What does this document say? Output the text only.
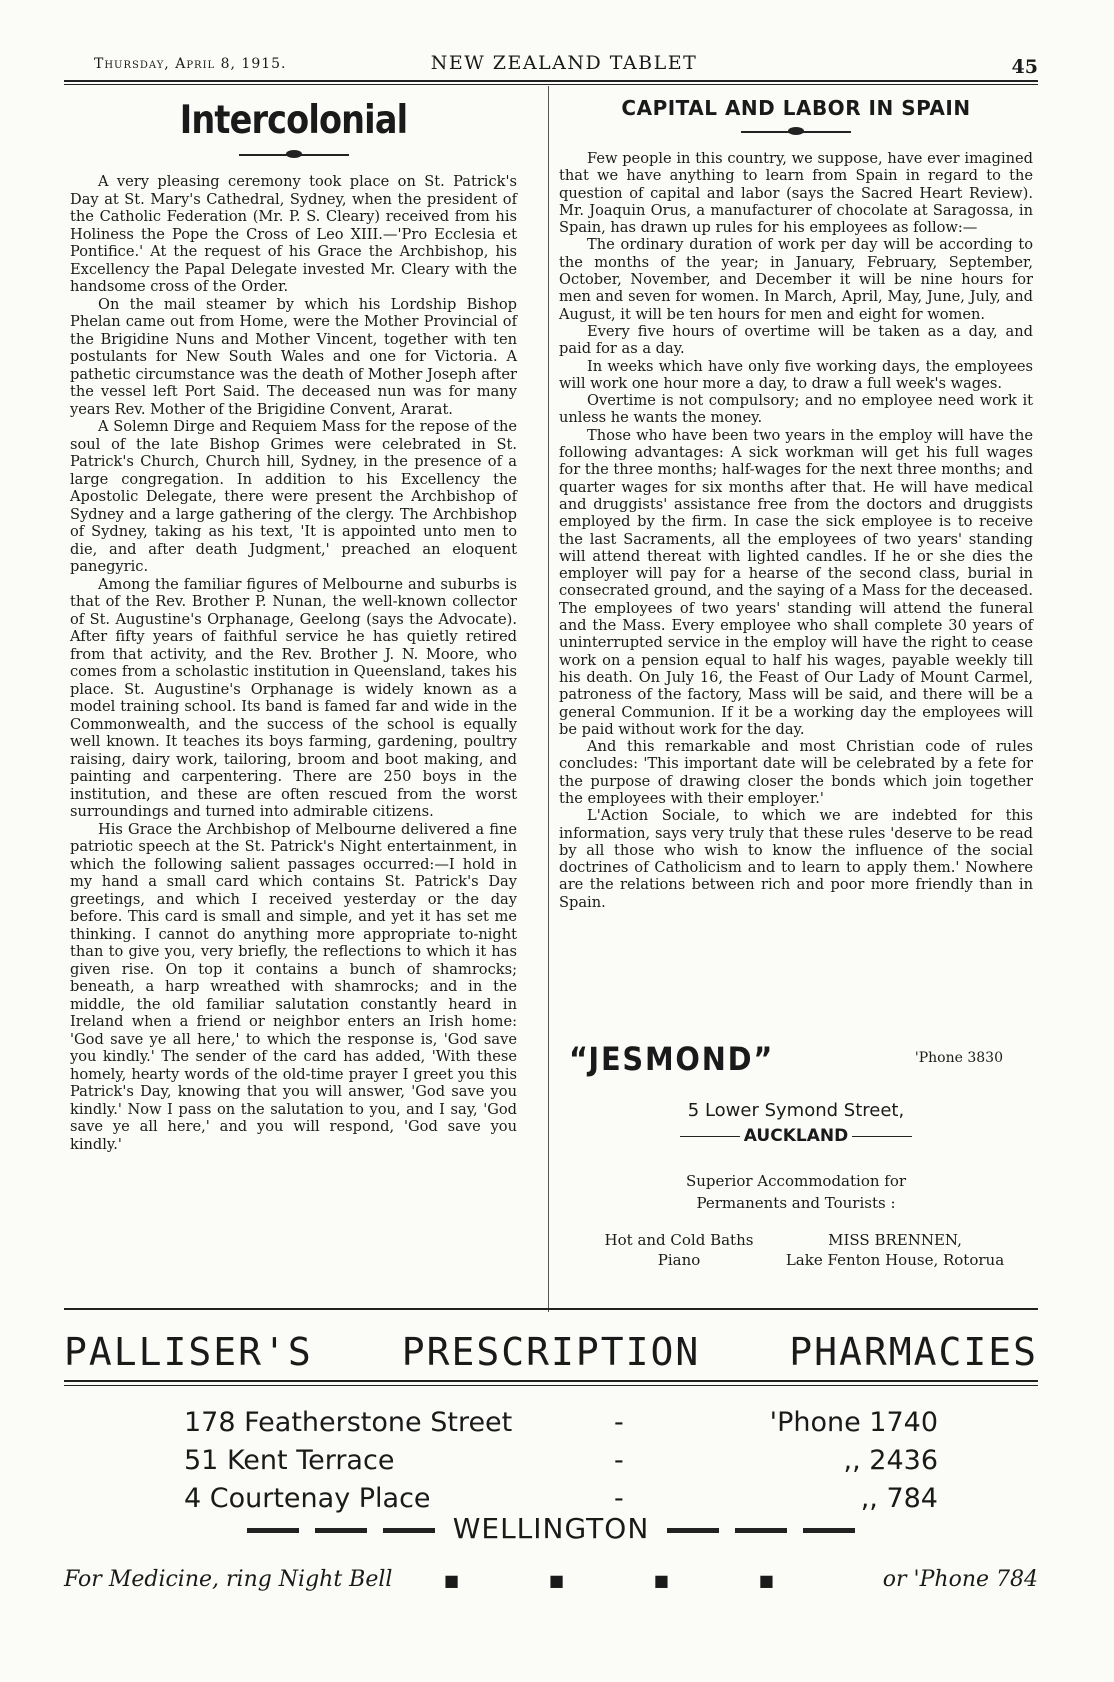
Thursday, April 8, 1915.	NEW ZEALAND TABLET	45
Intercolonial

A very pleasing ceremony took place on St. Patrick's Day at St. Mary's Cathedral, Sydney, when the president of the Catholic Federation (Mr. P. S. Cleary) received from his Holiness the Pope the Cross of Leo XIII.—'Pro Ecclesia et Pontifice.' At the request of his Grace the Archbishop, his Excellency the Papal Delegate invested Mr. Cleary with the handsome cross of the Order.

On the mail steamer by which his Lordship Bishop Phelan came out from Home, were the Mother Provincial of the Brigidine Nuns and Mother Vincent, together with ten postulants for New South Wales and one for Victoria. A pathetic circumstance was the death of Mother Joseph after the vessel left Port Said. The deceased nun was for many years Rev. Mother of the Brigidine Convent, Ararat.

A Solemn Dirge and Requiem Mass for the repose of the soul of the late Bishop Grimes were celebrated in St. Patrick's Church, Church hill, Sydney, in the presence of a large congregation. In addition to his Excellency the Apostolic Delegate, there were present the Archbishop of Sydney and a large gathering of the clergy. The Archbishop of Sydney, taking as his text, 'It is appointed unto men to die, and after death Judgment,' preached an eloquent panegyric.

Among the familiar figures of Melbourne and suburbs is that of the Rev. Brother P. Nunan, the well-known collector of St. Augustine's Orphanage, Geelong (says the Advocate). After fifty years of faithful service he has quietly retired from that activity, and the Rev. Brother J. N. Moore, who comes from a scholastic institution in Queensland, takes his place. St. Augustine's Orphanage is widely known as a model training school. Its band is famed far and wide in the Commonwealth, and the success of the school is equally well known. It teaches its boys farming, gardening, poultry raising, dairy work, tailoring, broom and boot making, and painting and carpentering. There are 250 boys in the institution, and these are often rescued from the worst surroundings and turned into admirable citizens.

His Grace the Archbishop of Melbourne delivered a fine patriotic speech at the St. Patrick's Night entertainment, in which the following salient passages occurred:—I hold in my hand a small card which contains St. Patrick's Day greetings, and which I received yesterday or the day before. This card is small and simple, and yet it has set me thinking. I cannot do anything more appropriate to-night than to give you, very briefly, the reflections to which it has given rise. On top it contains a bunch of shamrocks; beneath, a harp wreathed with shamrocks; and in the middle, the old familiar salutation constantly heard in Ireland when a friend or neighbor enters an Irish home: 'God save ye all here,' to which the response is, 'God save you kindly.' The sender of the card has added, 'With these homely, hearty words of the old-time prayer I greet you this Patrick's Day, knowing that you will answer, 'God save you kindly.' Now I pass on the salutation to you, and I say, 'God save ye all here,' and you will respond, 'God save you kindly.'

CAPITAL AND LABOR IN SPAIN

Few people in this country, we suppose, have ever imagined that we have anything to learn from Spain in regard to the question of capital and labor (says the Sacred Heart Review). Mr. Joaquin Orus, a manufacturer of chocolate at Saragossa, in Spain, has drawn up rules for his employees as follow:—

The ordinary duration of work per day will be according to the months of the year; in January, February, September, October, November, and December it will be nine hours for men and seven for women. In March, April, May, June, July, and August, it will be ten hours for men and eight for women.

Every five hours of overtime will be taken as a day, and paid for as a day.

In weeks which have only five working days, the employees will work one hour more a day, to draw a full week's wages.

Overtime is not compulsory; and no employee need work it unless he wants the money.

Those who have been two years in the employ will have the following advantages: A sick workman will get his full wages for the three months; half-wages for the next three months; and quarter wages for six months after that. He will have medical and druggists' assistance free from the doctors and druggists employed by the firm. In case the sick employee is to receive the last Sacraments, all the employees of two years' standing will attend thereat with lighted candles. If he or she dies the employer will pay for a hearse of the second class, burial in consecrated ground, and the saying of a Mass for the deceased. The employees of two years' standing will attend the funeral and the Mass. Every employee who shall complete 30 years of uninterrupted service in the employ will have the right to cease work on a pension equal to half his wages, payable weekly till his death. On July 16, the Feast of Our Lady of Mount Carmel, patroness of the factory, Mass will be said, and there will be a general Communion. If it be a working day the employees will be paid without work for the day.

And this remarkable and most Christian code of rules concludes: 'This important date will be celebrated by a fete for the purpose of drawing closer the bonds which join together the employees with their employer.'

L'Action Sociale, to which we are indebted for this information, says very truly that these rules 'deserve to be read by all those who wish to know the influence of the social doctrines of Catholicism and to learn to apply them.' Nowhere are the relations between rich and poor more friendly than in Spain.

“JESMOND”	'Phone 3830
5 Lower Symond Street,
AUCKLAND
Superior Accommodation for
Permanents and Tourists :
Hot and Cold Baths
Piano
MISS BRENNEN,
Lake Fenton House, Rotorua
PALLISER'S PRESCRIPTION PHARMACIES
178 Featherstone Street	-	'Phone 1740
51 Kent Terrace	-	,, 2436
4 Courtenay Place	-	,, 784
WELLINGTON
For Medicine, ring Night Bell	■	■	■	■	or 'Phone 784
